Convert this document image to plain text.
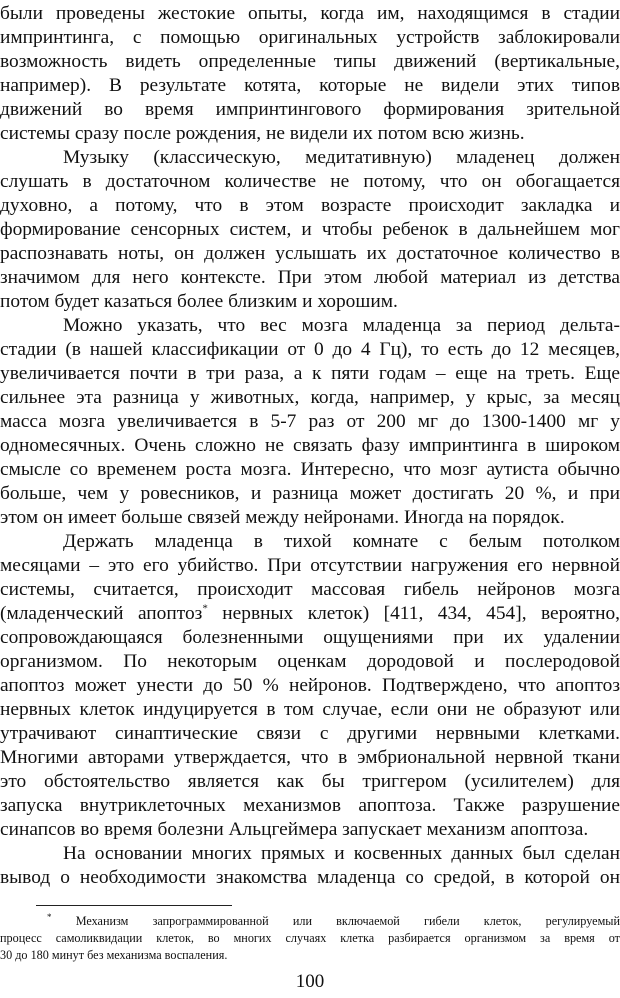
были проведены жестокие опыты, когда им, находящимся в стадии
импринтинга, с помощью оригинальных устройств заблокировали
возможность видеть определенные типы движений (вертикальные,
например). В результате котята, которые не видели этих типов
движений во время импринтингового формирования зрительной
системы сразу после рождения, не видели их потом всю жизнь.
Музыку (классическую, медитативную) младенец должен
слушать в достаточном количестве не потому, что он обогащается
духовно, а потому, что в этом возрасте происходит закладка и
формирование сенсорных систем, и чтобы ребенок в дальнейшем мог
распознавать ноты, он должен услышать их достаточное количество в
значимом для него контексте. При этом любой материал из детства
потом будет казаться более близким и хорошим.
Можно указать, что вес мозга младенца за период дельта-
стадии (в нашей классификации от 0 до 4 Гц), то есть до 12 месяцев,
увеличивается почти в три раза, а к пяти годам – еще на треть. Еще
сильнее эта разница у животных, когда, например, у крыс, за месяц
масса мозга увеличивается в 5-7 раз от 200 мг до 1300-1400 мг у
одномесячных. Очень сложно не связать фазу импринтинга в широком
смысле со временем роста мозга. Интересно, что мозг аутиста обычно
больше, чем у ровесников, и разница может достигать 20 %, и при
этом он имеет больше связей между нейронами. Иногда на порядок.
Держать младенца в тихой комнате с белым потолком
месяцами – это его убийство. При отсутствии нагружения его нервной
системы, считается, происходит массовая гибель нейронов мозга
(младенческий апоптоз* нервных клеток) [411, 434, 454], вероятно,
сопровождающаяся болезненными ощущениями при их удалении
организмом. По некоторым оценкам дородовой и послеродовой
апоптоз может унести до 50 % нейронов. Подтверждено, что апоптоз
нервных клеток индуцируется в том случае, если они не образуют или
утрачивают синаптические связи с другими нервными клетками.
Многими авторами утверждается, что в эмбриональной нервной ткани
это обстоятельство является как бы триггером (усилителем) для
запуска внутриклеточных механизмов апоптоза. Также разрушение
синапсов во время болезни Альцгеймера запускает механизм апоптоза.
На основании многих прямых и косвенных данных был сделан
вывод о необходимости знакомства младенца со средой, в которой он
* Механизм запрограммированной или включаемой гибели клеток, регулируемый
процесс самоликвидации клеток, во многих случаях клетка разбирается организмом за время от
30 до 180 минут без механизма воспаления.
100
